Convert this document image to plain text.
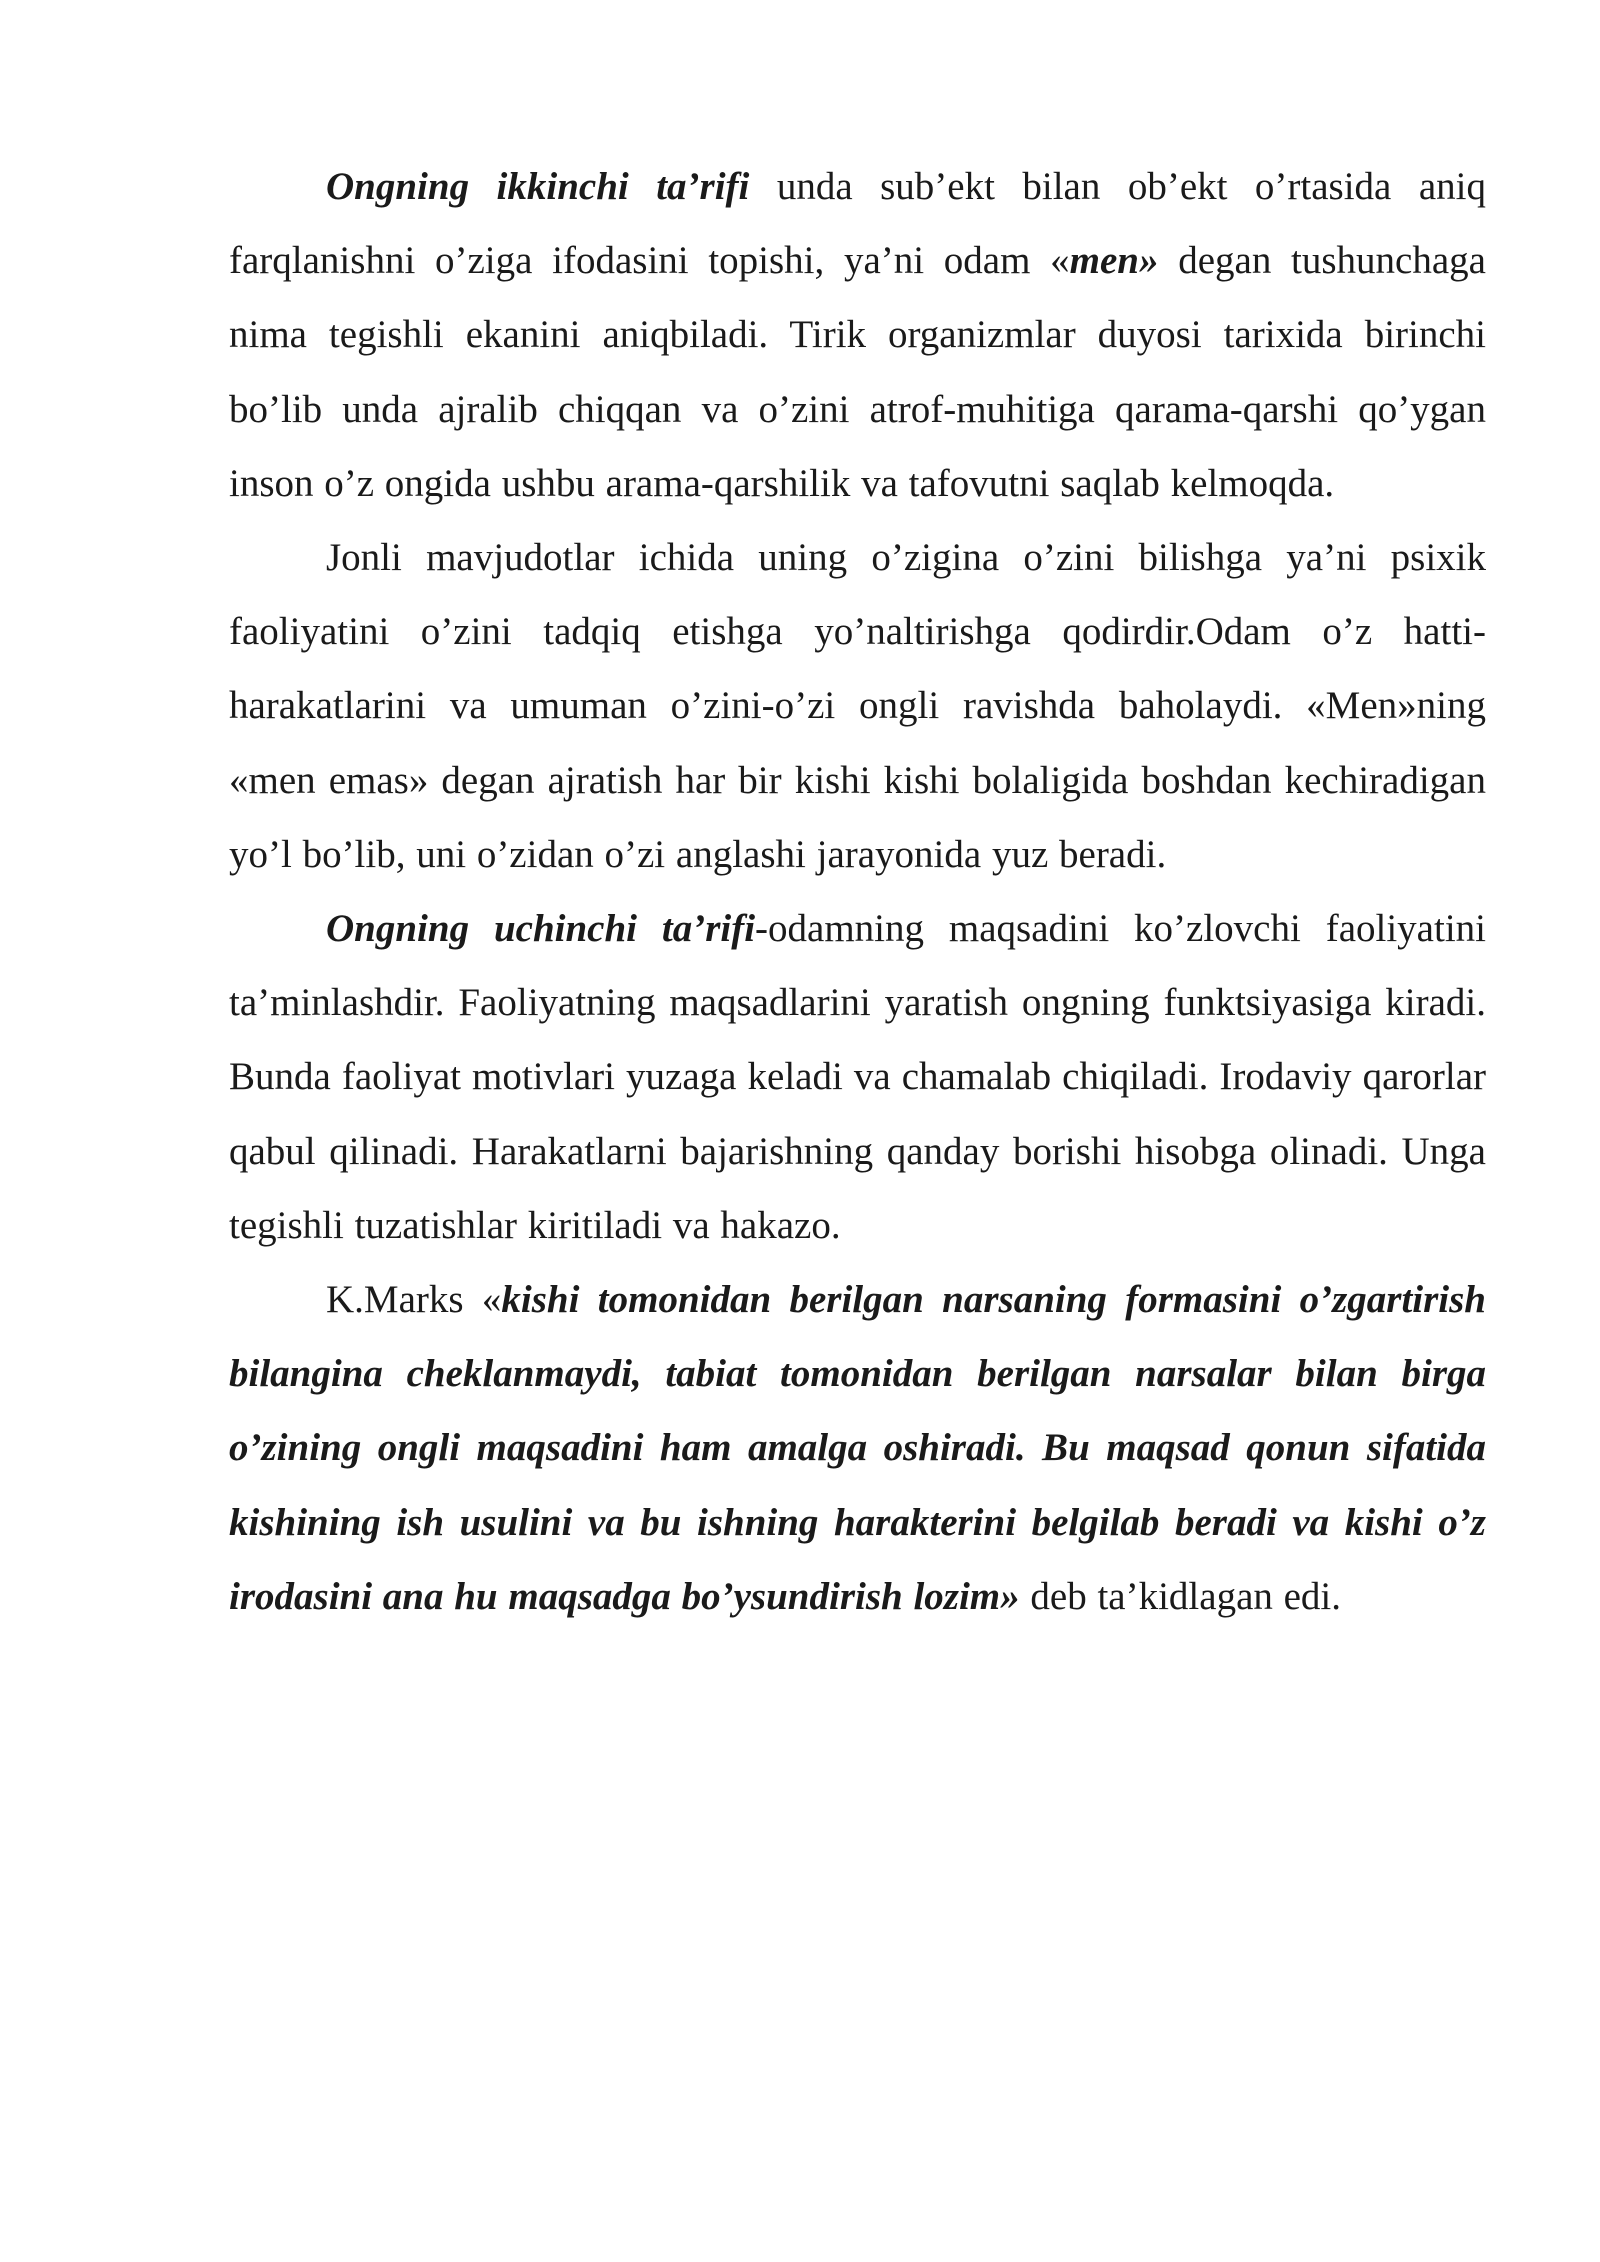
Ongning ikkinchi ta’rifi unda sub’ekt bilan ob’ekt o’rtasida aniq farqlanishni o’ziga ifodasini topishi, ya’ni odam «men» degan tushunchaga nima tegishli ekanini aniqbiladi. Tirik organizmlar duyosi tarixida birinchi bo’lib unda ajralib chiqqan va o’zini atrof-muhitiga qarama-qarshi qo’ygan inson o’z ongida ushbu arama-qarshilik va tafovutni saqlab kelmoqda.

Jonli mavjudotlar ichida uning o’zigina o’zini bilishga ya’ni psixik faoliyatini o’zini tadqiq etishga yo’naltirishga qodirdir.Odam o’z hatti-harakatlarini va umuman o’zini-o’zi ongli ravishda baholaydi. «Men»ning «men emas» degan ajratish har bir kishi kishi bolaligida boshdan kechiradigan yo’l bo’lib, uni o’zidan o’zi anglashi jarayonida yuz beradi.

Ongning uchinchi ta’rifi-odamning maqsadini ko’zlovchi faoliyatini ta’minlashdir. Faoliyatning maqsadlarini yaratish ongning funktsiyasiga kiradi. Bunda faoliyat motivlari yuzaga keladi va chamalab chiqiladi. Irodaviy qarorlar qabul qilinadi. Harakatlarni bajarishning qanday borishi hisobga olinadi. Unga tegishli tuzatishlar kiritiladi va hakazo.

K.Marks «kishi tomonidan berilgan narsaning formasini o’zgartirish bilangina cheklanmaydi, tabiat tomonidan berilgan narsalar bilan birga o’zining ongli maqsadini ham amalga oshiradi. Bu maqsad qonun sifatida kishining ish usulini va bu ishning harakterini belgilab beradi va kishi o’z irodasini ana hu maqsadga bo’ysundirish lozim» deb ta’kidlagan edi.
